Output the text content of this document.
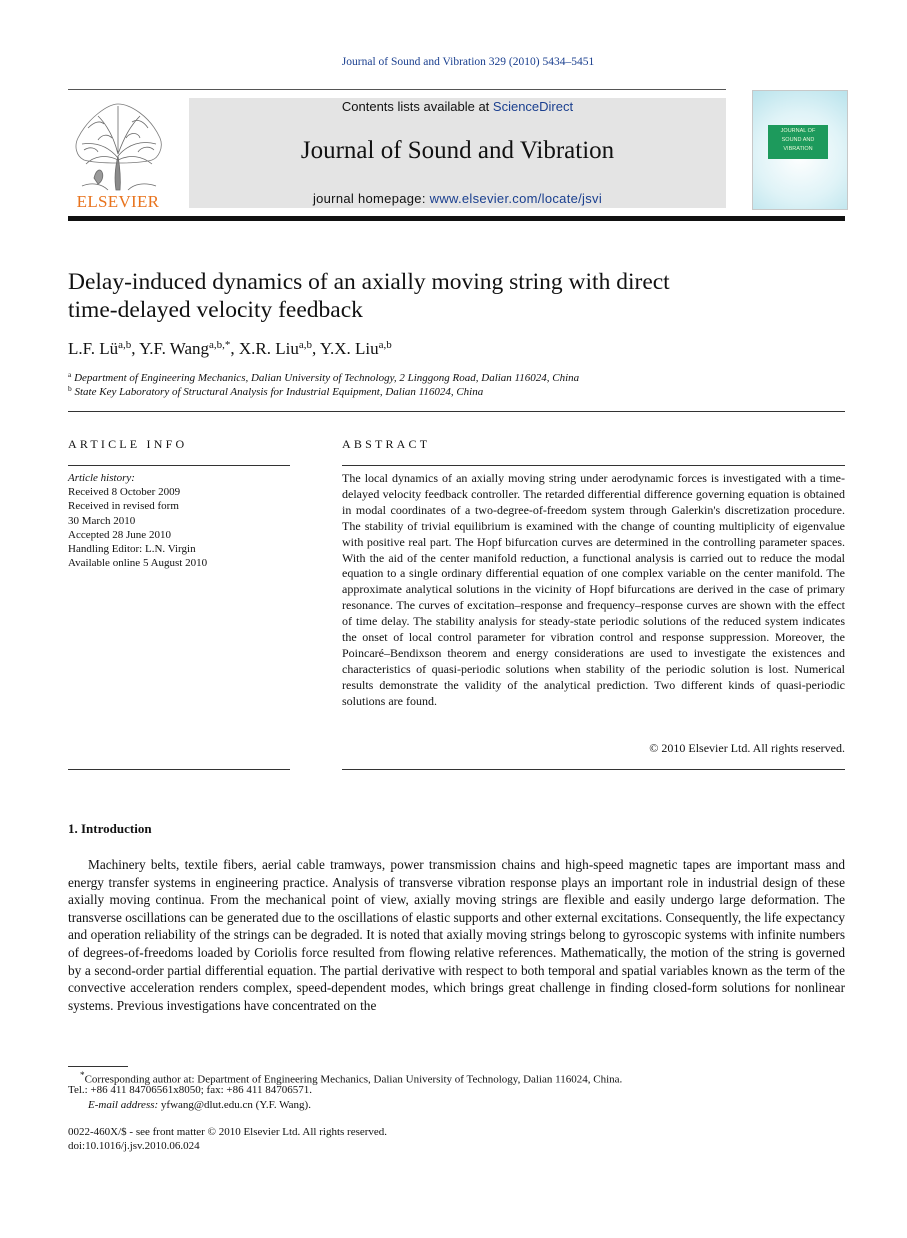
Journal of Sound and Vibration 329 (2010) 5434–5451
ELSEVIER
Contents lists available at ScienceDirect
Journal of Sound and Vibration
journal homepage: www.elsevier.com/locate/jsvi
JOURNAL OF
SOUND AND
VIBRATION
Delay-induced dynamics of an axially moving string with direct
time-delayed velocity feedback
L.F. Lü$^{a,b}$, Y.F. Wang$^{a,b,*}$, X.R. Liu$^{a,b}$, Y.X. Liu$^{a,b}$
$^a$ Department of Engineering Mechanics, Dalian University of Technology, 2 Linggong Road, Dalian 116024, China
$^b$ State Key Laboratory of Structural Analysis for Industrial Equipment, Dalian 116024, China
ARTICLE INFO
Article history:
Received 8 October 2009
Received in revised form
30 March 2010
Accepted 28 June 2010
Handling Editor: L.N. Virgin
Available online 5 August 2010
ABSTRACT
The local dynamics of an axially moving string under aerodynamic forces is investigated with a time-delayed velocity feedback controller. The retarded differential difference governing equation is obtained in modal coordinates of a two-degree-of-freedom system through Galerkin's discretization procedure. The stability of trivial equilibrium is examined with the change of counting multiplicity of eigenvalue with positive real part. The Hopf bifurcation curves are determined in the controlling parameter spaces. With the aid of the center manifold reduction, a functional analysis is carried out to reduce the modal equation to a single ordinary differential equation of one complex variable on the center manifold. The approximate analytical solutions in the vicinity of Hopf bifurcations are derived in the case of primary resonance. The curves of excitation–response and frequency–response curves are shown with the effect of time delay. The stability analysis for steady-state periodic solutions of the reduced system indicates the onset of local control parameter for vibration control and response suppression. Moreover, the Poincaré–Bendixson theorem and energy considerations are used to investigate the existences and characteristics of quasi-periodic solutions when stability of the periodic solution is lost. Numerical results demonstrate the validity of the analytical prediction. Two different kinds of quasi-periodic solutions are found.
© 2010 Elsevier Ltd. All rights reserved.
1. Introduction
Machinery belts, textile fibers, aerial cable tramways, power transmission chains and high-speed magnetic tapes are important mass and energy transfer systems in engineering practice. Analysis of transverse vibration response plays an important role in industrial design of these axially moving continua. From the mechanical point of view, axially moving strings are flexible and easily undergo large deformation. The transverse oscillations can be generated due to the oscillations of elastic supports and other external excitations. Consequently, the life expectancy and operation reliability of the strings can be degraded. It is noted that axially moving strings belong to gyroscopic systems with infinite numbers of degrees-of-freedoms loaded by Coriolis force resulted from flowing relative references. Mathematically, the motion of the string is governed by a second-order partial differential equation. The partial derivative with respect to both temporal and spatial variables known as the term of the convective acceleration renders complex, speed-dependent modes, which brings great challenge in finding closed-form solutions for nonlinear systems. Previous investigations have concentrated on the
*Corresponding author at: Department of Engineering Mechanics, Dalian University of Technology, Dalian 116024, China.
Tel.: +86 411 84706561x8050; fax: +86 411 84706571.
E-mail address: yfwang@dlut.edu.cn (Y.F. Wang).
0022-460X/$ - see front matter © 2010 Elsevier Ltd. All rights reserved.
doi:10.1016/j.jsv.2010.06.024
